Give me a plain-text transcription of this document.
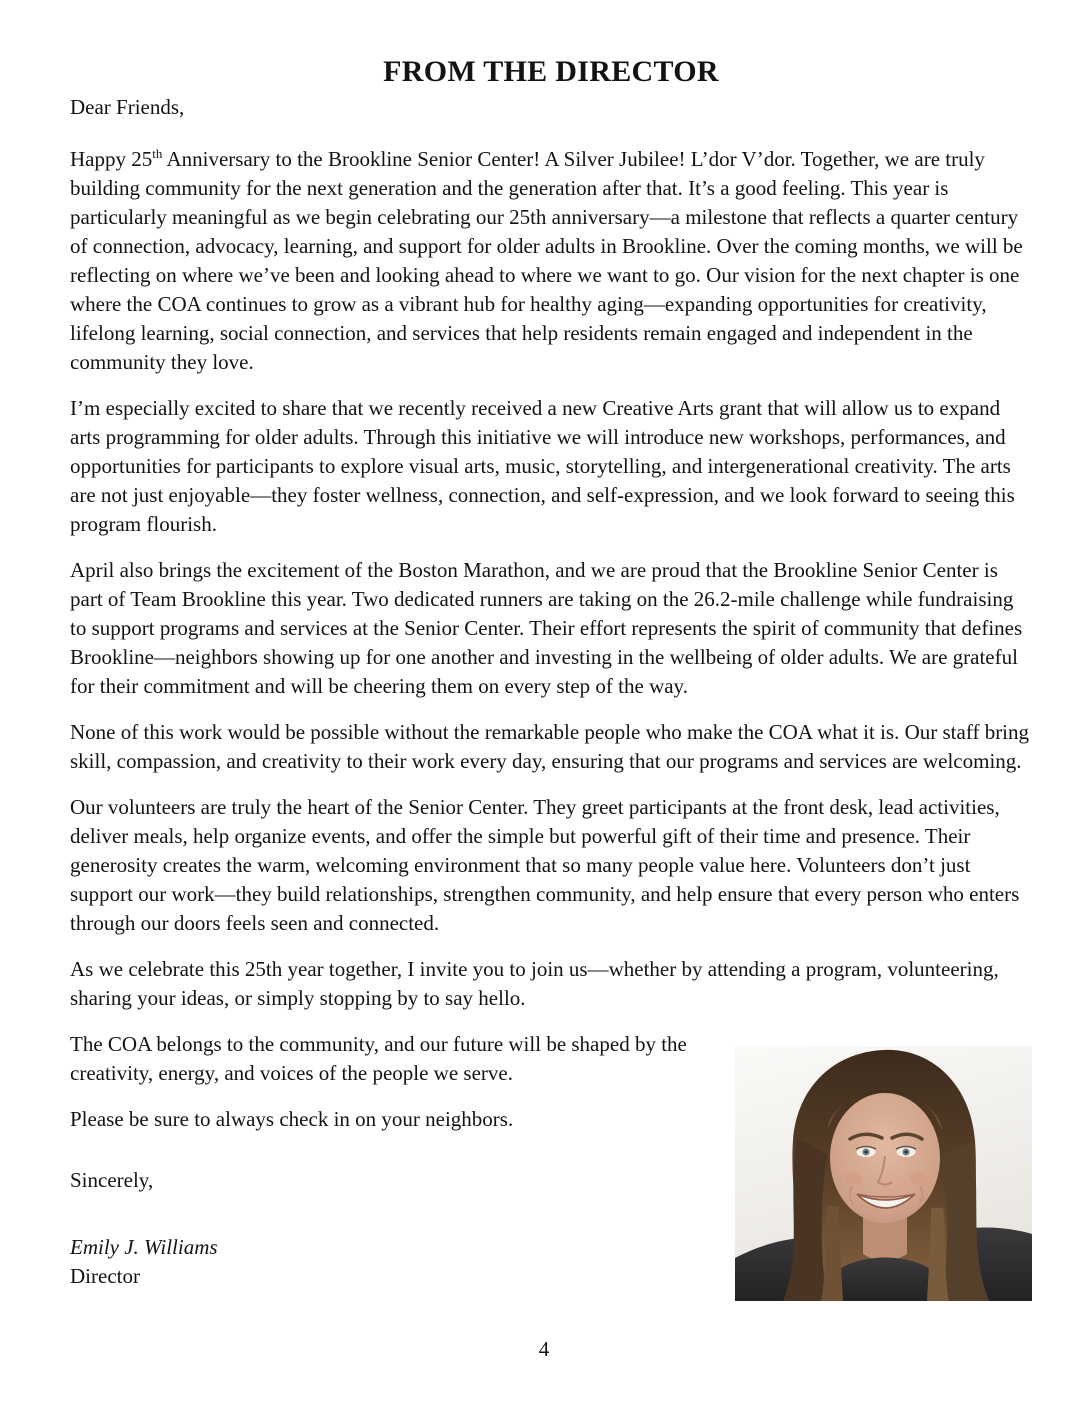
FROM THE DIRECTOR

Dear Friends,

Happy 25th Anniversary to the Brookline Senior Center! A Silver Jubilee! L’dor V’dor. Together, we are truly building community for the next generation and the generation after that. It’s a good feeling. This year is particularly meaningful as we begin celebrating our 25th anniversary—a milestone that reflects a quarter century of connection, advocacy, learning, and support for older adults in Brookline. Over the coming months, we will be reflecting on where we’ve been and looking ahead to where we want to go. Our vision for the next chapter is one where the COA continues to grow as a vibrant hub for healthy aging—expanding opportunities for creativity, lifelong learning, social connection, and services that help residents remain engaged and independent in the community they love.

I’m especially excited to share that we recently received a new Creative Arts grant that will allow us to expand arts programming for older adults. Through this initiative we will introduce new workshops, performances, and opportunities for participants to explore visual arts, music, storytelling, and intergenerational creativity. The arts are not just enjoyable—they foster wellness, connection, and self-expression, and we look forward to seeing this program flourish.

April also brings the excitement of the Boston Marathon, and we are proud that the Brookline Senior Center is part of Team Brookline this year. Two dedicated runners are taking on the 26.2-mile challenge while fundraising to support programs and services at the Senior Center. Their effort represents the spirit of community that defines Brookline—neighbors showing up for one another and investing in the wellbeing of older adults. We are grateful for their commitment and will be cheering them on every step of the way.

None of this work would be possible without the remarkable people who make the COA what it is. Our staff bring skill, compassion, and creativity to their work every day, ensuring that our programs and services are welcoming.

Our volunteers are truly the heart of the Senior Center. They greet participants at the front desk, lead activities, deliver meals, help organize events, and offer the simple but powerful gift of their time and presence. Their generosity creates the warm, welcoming environment that so many people value here. Volunteers don’t just support our work—they build relationships, strengthen community, and help ensure that every person who enters through our doors feels seen and connected.

As we celebrate this 25th year together, I invite you to join us—whether by attending a program, volunteering, sharing your ideas, or simply stopping by to say hello.

The COA belongs to the community, and our future will be shaped by the creativity, energy, and voices of the people we serve.

Please be sure to always check in on your neighbors.

Sincerely,

Emily J. Williams

Director

4
